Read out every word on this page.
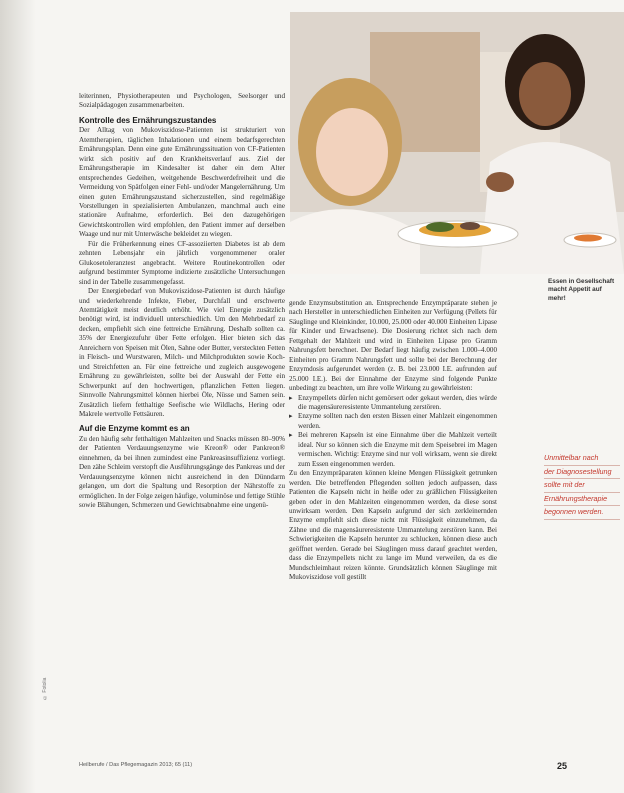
Essen in Gesellschaft macht Appetit auf mehr!
Unmittelbar nach
der Diagnosestellung
sollte mit der
Ernährungstherapie
begonnen werden.

leiterinnen, Physiotherapeuten und Psychologen, Seelsorger und Sozialpädagogen zusammenarbeiten.

Kontrolle des Ernährungszustandes

Der Alltag von Mukoviszidose-Patienten ist strukturiert von Atemtherapien, täglichen Inhalationen und einem bedarfsgerechten Ernährungsplan. Denn eine gute Ernährungssituation von CF-Patienten wirkt sich positiv auf den Krankheitsverlauf aus. Ziel der Ernährungstherapie im Kindesalter ist daher ein dem Alter entsprechendes Gedeihen, weitgehende Beschwerdefreiheit und die Vermeidung von Spätfolgen einer Fehl- und/oder Mangelernährung. Um einen guten Ernährungszustand sicherzustellen, sind regelmäßige Vorstellungen in spezialisierten Ambulanzen, manchmal auch eine stationäre Aufnahme, erforderlich. Bei den dazugehörigen Gewichtskontrollen wird empfohlen, den Patient immer auf derselben Waage und nur mit Unterwäsche bekleidet zu wiegen.

Für die Früherkennung eines CF-assoziierten Diabetes ist ab dem zehnten Lebensjahr ein jährlich vorgenommener oraler Glukosetoleranztest angebracht. Weitere Routinekontrollen oder aufgrund bestimmter Symptome indizierte zusätzliche Untersuchungen sind in der Tabelle zusammengefasst.

Der Energiebedarf von Mukoviszidose-Patienten ist durch häufige und wiederkehrende Infekte, Fieber, Durchfall und erschwerte Atemtätigkeit meist deutlich erhöht. Wie viel Energie zusätzlich benötigt wird, ist individuell unterschiedlich. Um den Mehrbedarf zu decken, empfiehlt sich eine fettreiche Ernährung. Deshalb sollten ca. 35% der Energiezufuhr über Fette erfolgen. Hier bieten sich das Anreichern von Speisen mit Ölen, Sahne oder Butter, versteckten Fetten in Fleisch- und Wurstwaren, Milch- und Milchprodukten sowie Koch- und Streichfetten an. Für eine fettreiche und zugleich ausgewogene Ernährung zu gewährleisten, sollte bei der Auswahl der Fette ein Schwerpunkt auf den hochwertigen, pflanzlichen Fetten liegen. Sinnvolle Nahrungsmittel können hierbei Öle, Nüsse und Samen sein. Zusätzlich liefern fetthaltige Seefische wie Wildlachs, Hering oder Makrele wertvolle Fettsäuren.

Auf die Enzyme kommt es an

Zu den häufig sehr fetthaltigen Mahlzeiten und Snacks müssen 80–90% der Patienten Verdauungsenzyme wie Kreon® oder Pankreon® einnehmen, da bei ihnen zumindest eine Pankreasinsuffizienz vorliegt. Den zähe Schleim verstopft die Ausführungsgänge des Pankreas und der Verdauungsenzyme können nicht ausreichend in den Dünndarm gelangen, um dort die Spaltung und Resorption der Nährstoffe zu ermöglichen. In der Folge zeigen häufige, voluminöse und fettige Stühle sowie Blähungen, Schmerzen und Gewichtsabnahme eine ungenü-

gende Enzymsubstitution an. Entsprechende Enzympräparate stehen je nach Hersteller in unterschiedlichen Einheiten zur Verfügung (Pellets für Säuglinge und Kleinkinder, 10.000, 25.000 oder 40.000 Einheiten Lipase für Kinder und Erwachsene). Die Dosierung richtet sich nach dem Fettgehalt der Mahlzeit und wird in Einheiten Lipase pro Gramm Nahrungsfett berechnet. Der Bedarf liegt häufig zwischen 1.000–4.000 Einheiten pro Gramm Nahrungsfett und sollte bei der Berechnung der Enzymdosis aufgerundet werden (z. B. bei 23.000 I.E. aufrunden auf 25.000 I.E.). Bei der Einnahme der Enzyme sind folgende Punkte unbedingt zu beachten, um ihre volle Wirkung zu gewährleisten:

▸ Enzympellets dürfen nicht gemörsert oder gekaut werden, dies würde die magensäureresistente Ummantelung zerstören.
▸ Enzyme sollten nach den ersten Bissen einer Mahlzeit eingenommen werden.
▸ Bei mehreren Kapseln ist eine Einnahme über die Mahlzeit verteilt ideal. Nur so können sich die Enzyme mit dem Speisebrei im Magen vermischen. Wichtig: Enzyme sind nur voll wirksam, wenn sie direkt zum Essen eingenommen werden.

Zu den Enzympräparaten können kleine Mengen Flüssigkeit getrunken werden. Die betreffenden Pflegenden sollten jedoch aufpassen, dass Patienten die Kapseln nicht in heiße oder zu gräßlichen Flüssigkeiten geben oder in den Mahlzeiten eingenommen werden, da diese sonst unwirksam werden. Den Kapseln aufgrund der sich zerkleinernden Enzyme empfiehlt sich diese nicht mit Flüssigkeit einzunehmen, da Zähne und die magensäureresistente Ummantelung zerstören kann. Bei Schwierigkeiten die Kapseln herunter zu schlucken, können diese auch geöffnet werden. Gerade bei Säuglingen muss darauf geachtet werden, dass die Enzympellets nicht zu lange im Mund verweilen, da es die Mundschleimhaut reizen könnte. Grundsätzlich können Säuglinge mit Mukoviszidose voll gestillt

© Fotolia
Heilberufe / Das Pflegemagazin 2013; 65 (11)	25
